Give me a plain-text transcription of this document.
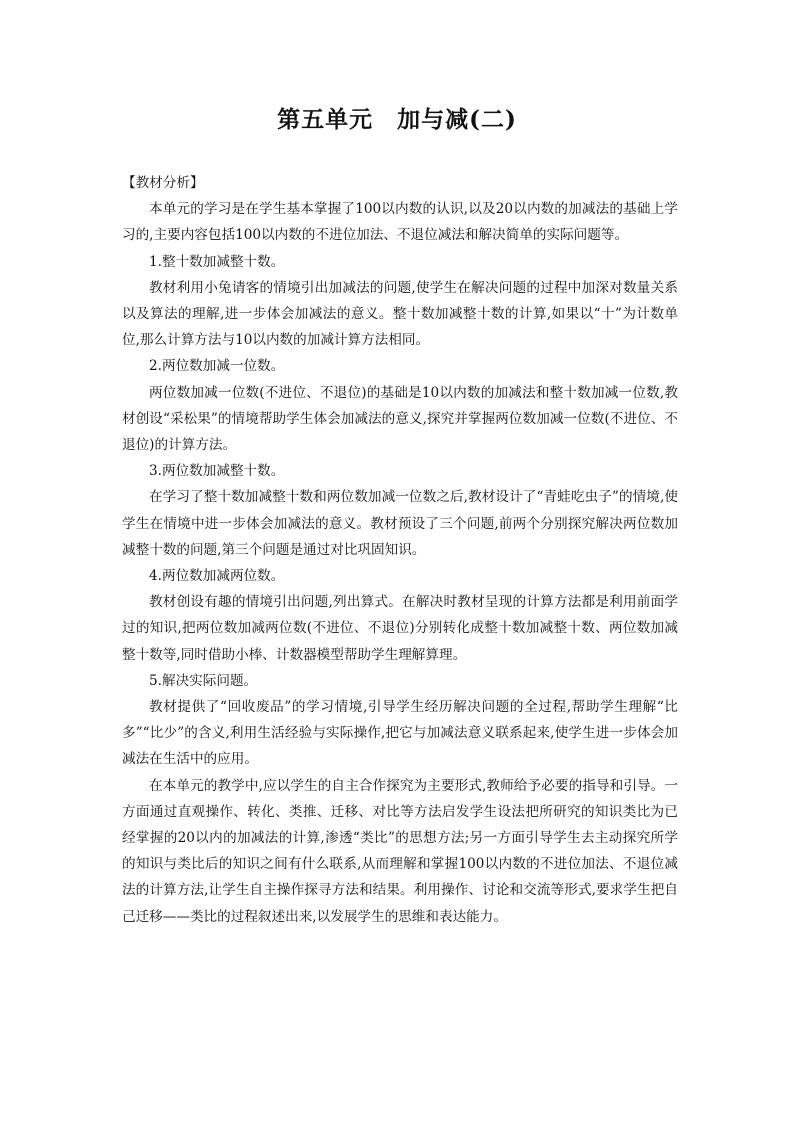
第五单元　加与减(二)

【教材分析】

本单元的学习是在学生基本掌握了100以内数的认识,以及20以内数的加减法的基础上学习的,主要内容包括100以内数的不进位加法、不退位减法和解决简单的实际问题等。

1.整十数加减整十数。

教材利用小兔请客的情境引出加减法的问题,使学生在解决问题的过程中加深对数量关系以及算法的理解,进一步体会加减法的意义。整十数加减整十数的计算,如果以“十”为计数单位,那么计算方法与10以内数的加减计算方法相同。

2.两位数加减一位数。

两位数加减一位数(不进位、不退位)的基础是10以内数的加减法和整十数加减一位数,教材创设“采松果”的情境帮助学生体会加减法的意义,探究并掌握两位数加减一位数(不进位、不退位)的计算方法。

3.两位数加减整十数。

在学习了整十数加减整十数和两位数加减一位数之后,教材设计了“青蛙吃虫子”的情境,使学生在情境中进一步体会加减法的意义。教材预设了三个问题,前两个分别探究解决两位数加减整十数的问题,第三个问题是通过对比巩固知识。

4.两位数加减两位数。

教材创设有趣的情境引出问题,列出算式。在解决时教材呈现的计算方法都是利用前面学过的知识,把两位数加减两位数(不进位、不退位)分别转化成整十数加减整十数、两位数加减整十数等,同时借助小棒、计数器模型帮助学生理解算理。

5.解决实际问题。

教材提供了“回收废品”的学习情境,引导学生经历解决问题的全过程,帮助学生理解“比多”“比少”的含义,利用生活经验与实际操作,把它与加减法意义联系起来,使学生进一步体会加减法在生活中的应用。

在本单元的教学中,应以学生的自主合作探究为主要形式,教师给予必要的指导和引导。一方面通过直观操作、转化、类推、迁移、对比等方法启发学生设法把所研究的知识类比为已经掌握的20以内的加减法的计算,渗透“类比”的思想方法;另一方面引导学生去主动探究所学的知识与类比后的知识之间有什么联系,从而理解和掌握100以内数的不进位加法、不退位减法的计算方法,让学生自主操作探寻方法和结果。利用操作、讨论和交流等形式,要求学生把自己迁移——类比的过程叙述出来,以发展学生的思维和表达能力。
